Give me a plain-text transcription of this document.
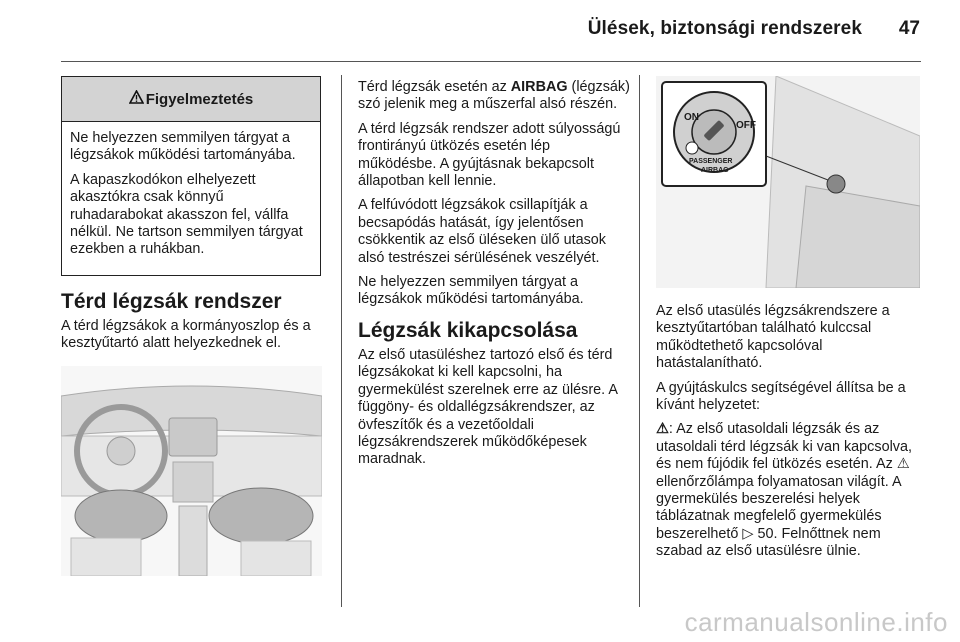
Ülések, biztonsági rendszerek 47
Figyelmeztetés

Ne helyezzen semmilyen tárgyat a légzsákok működési tartományába.

A kapaszkodókon elhelyezett akasztókra csak könnyű ruhadarabokat akasszon fel, vállfa nélkül. Ne tartson semmilyen tárgyat ezekben a ruhákban.

Térd légzsák rendszer

A térd légzsákok a kormányoszlop és a kesztyűtartó alatt helyezkednek el.

Térd légzsák esetén az AIRBAG (légzsák) szó jelenik meg a műszerfal alsó részén.

A térd légzsák rendszer adott súlyosságú frontirányú ütközés esetén lép működésbe. A gyújtásnak bekapcsolt állapotban kell lennie.

A felfúvódott légzsákok csillapítják a becsapódás hatását, így jelentősen csökkentik az első üléseken ülő utasok alsó testrészei sérülésének veszélyét.

Ne helyezzen semmilyen tárgyat a légzsákok működési tartományába.

Légzsák kikapcsolása

Az első utasüléshez tartozó első és térd légzsákokat ki kell kapcsolni, ha gyermekülést szerelnek erre az ülésre. A függöny- és oldallégzsákrendszer, az övfeszítők és a vezetőoldali légzsákrendszerek működőképesek maradnak.

ON
OFF
PASSENGER
AIRBAG

Az első utasülés légzsákrendszere a kesztyűtartóban található kulccsal működtethető kapcsolóval hatástalanítható.

A gyújtáskulcs segítségével állítsa be a kívánt helyzetet:

⚠: Az első utasoldali légzsák és az utasoldali térd légzsák ki van kapcsolva, és nem fújódik fel ütközés esetén. Az ⚠ ellenőrzőlámpa folyamatosan világít. A gyermekülés beszerelési helyek táblázatnak megfelelő gyermekülés beszerelhető ▷ 50. Felnőttnek nem szabad az első utasülésre ülnie.

carmanualsonline.info
